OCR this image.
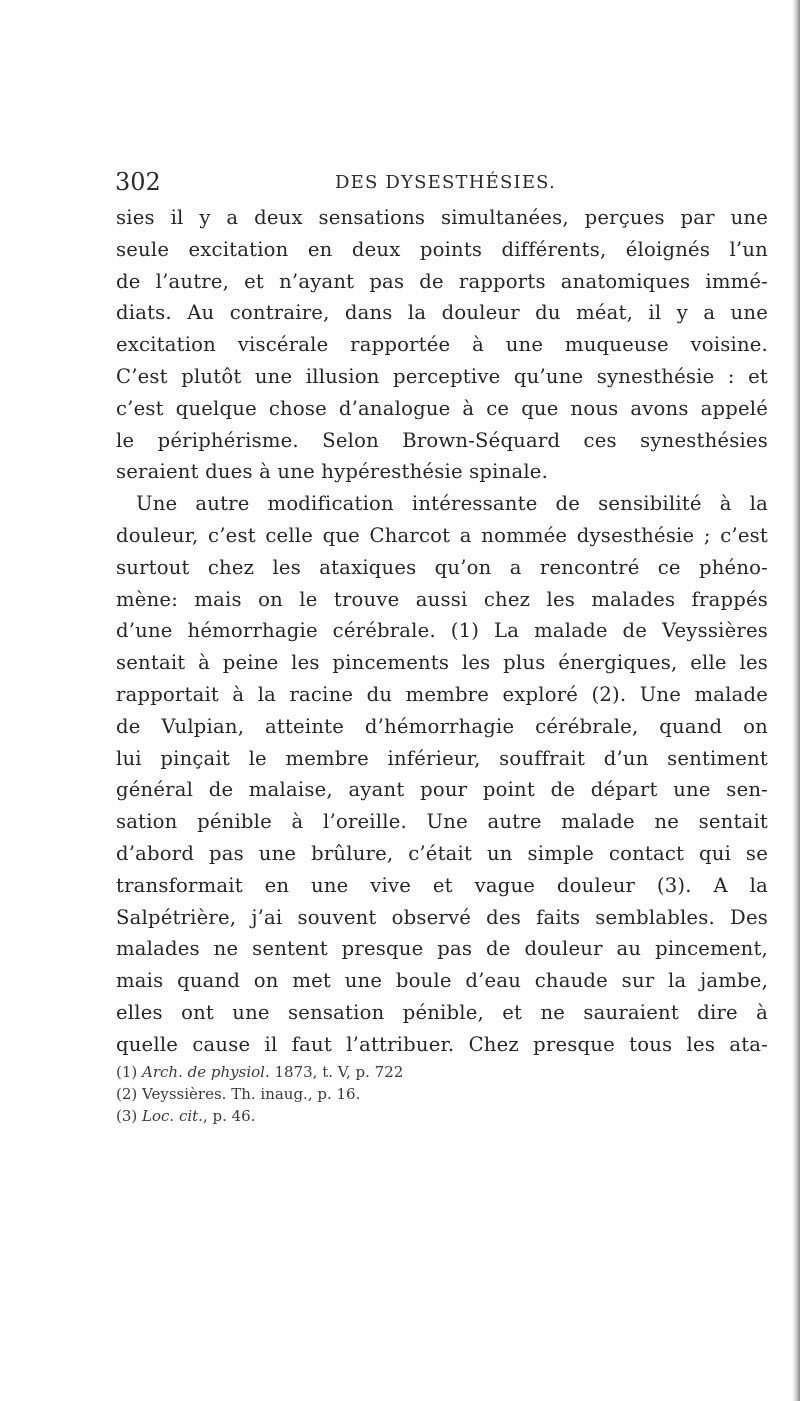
302	DES DYSESTHÉSIES.
sies il y a deux sensations simultanées, perçues par une
seule excitation en deux points différents, éloignés l’un
de l’autre, et n’ayant pas de rapports anatomiques immé-
diats. Au contraire, dans la douleur du méat, il y a une
excitation viscérale rapportée à une muqueuse voisine.
C’est plutôt une illusion perceptive qu’une synesthésie : et
c’est quelque chose d’analogue à ce que nous avons appelé
le périphérisme. Selon Brown-Séquard ces synesthésies
seraient dues à une hypéresthésie spinale.
Une autre modification intéressante de sensibilité à la
douleur, c’est celle que Charcot a nommée dysesthésie ; c’est
surtout chez les ataxiques qu’on a rencontré ce phéno-
mène: mais on le trouve aussi chez les malades frappés
d’une hémorrhagie cérébrale. (1) La malade de Veyssières
sentait à peine les pincements les plus énergiques, elle les
rapportait à la racine du membre exploré (2). Une malade
de Vulpian, atteinte d’hémorrhagie cérébrale, quand on
lui pinçait le membre inférieur, souffrait d’un sentiment
général de malaise, ayant pour point de départ une sen-
sation pénible à l’oreille. Une autre malade ne sentait
d’abord pas une brûlure, c’était un simple contact qui se
transformait en une vive et vague douleur (3). A la
Salpétrière, j’ai souvent observé des faits semblables. Des
malades ne sentent presque pas de douleur au pincement,
mais quand on met une boule d’eau chaude sur la jambe,
elles ont une sensation pénible, et ne sauraient dire à
quelle cause il faut l’attribuer. Chez presque tous les ata-
(1) Arch. de physiol. 1873, t. V, p. 722
(2) Veyssières. Th. inaug., p. 16.
(3) Loc. cit., p. 46.
